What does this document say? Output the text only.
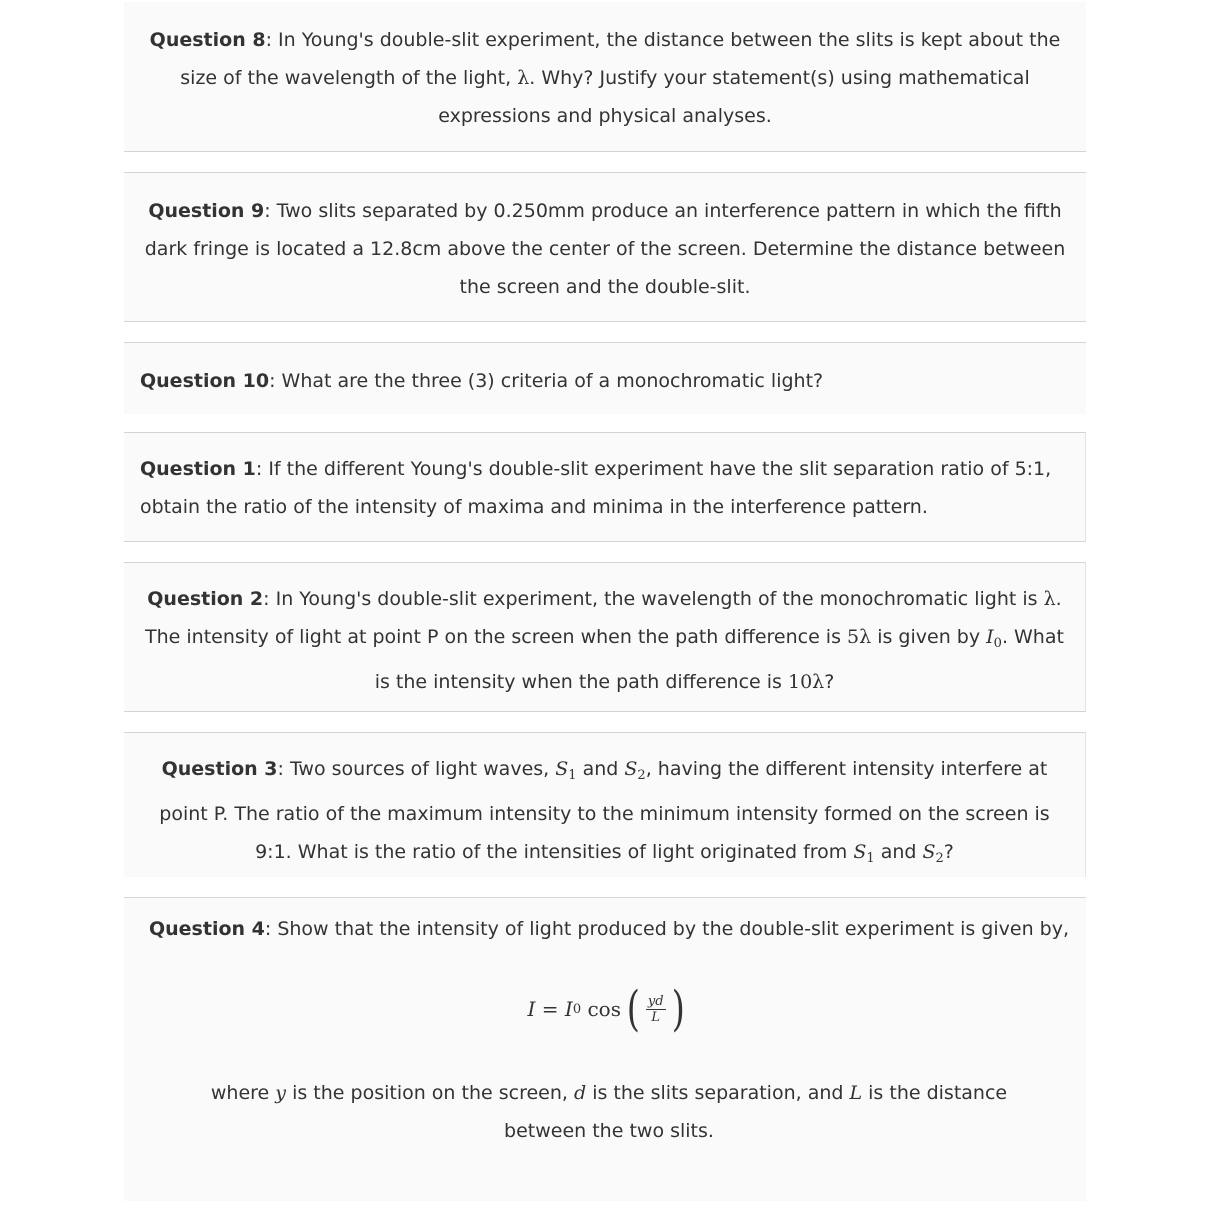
Question 8: In Young's double-slit experiment, the distance between the slits is kept about the size of the wavelength of the light, λ. Why? Justify your statement(s) using mathematical expressions and physical analyses.
Question 9: Two slits separated by 0.250mm produce an interference pattern in which the fifth dark fringe is located a 12.8cm above the center of the screen. Determine the distance between the screen and the double-slit.
Question 10: What are the three (3) criteria of a monochromatic light?
Question 1: If the different Young's double-slit experiment have the slit separation ratio of 5:1, obtain the ratio of the intensity of maxima and minima in the interference pattern.
Question 2: In Young's double-slit experiment, the wavelength of the monochromatic light is λ. The intensity of light at point P on the screen when the path difference is 5λ is given by $I_0$. What is the intensity when the path difference is 10λ?
Question 3: Two sources of light waves, $S_1$ and $S_2$, having the different intensity interfere at point P. The ratio of the maximum intensity to the minimum intensity formed on the screen is 9:1. What is the ratio of the intensities of light originated from $S_1$ and $S_2$?
Question 4: Show that the intensity of light produced by the double-slit experiment is given by,
I = I 0 cos ( $\frac{yd}{L}$ )
where y is the position on the screen, d is the slits separation, and L is the distance between the two slits.
